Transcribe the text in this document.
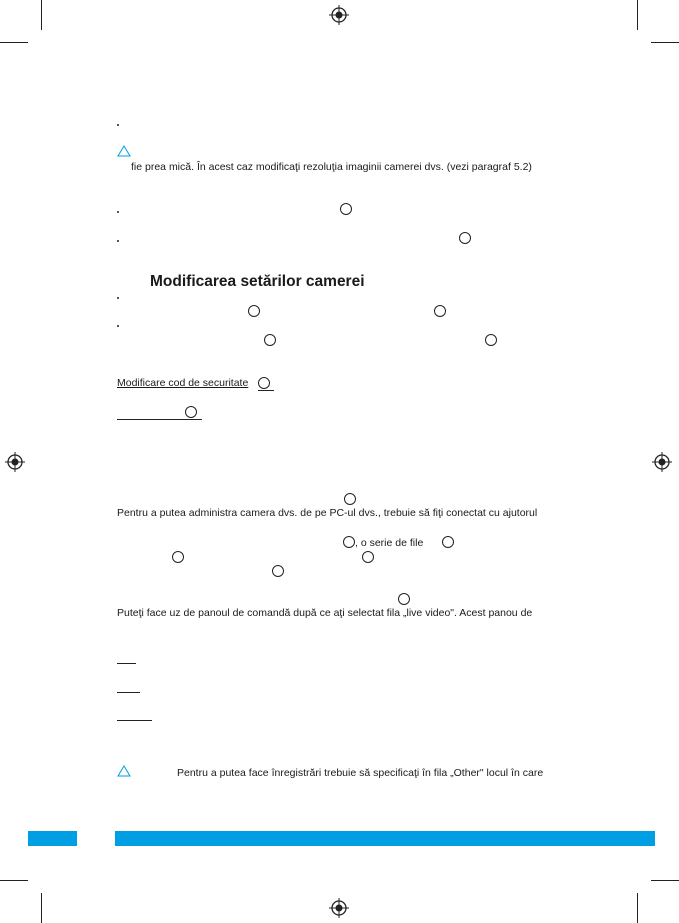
fie prea mică. În acest caz modificaţi rezoluţia imaginii camerei dvs. (vezi paragraf 5.2)
Modificarea setărilor camerei
Modificare cod de securitate
Pentru a putea administra camera dvs. de pe PC-ul dvs., trebuie să fiţi conectat cu ajutorul
, o serie de file
Puteţi face uz de panoul de comandă după ce aţi selectat fila „live video". Acest panou de
Pentru a putea face înregistrări trebuie să specificaţi în fila „Other" locul în care
